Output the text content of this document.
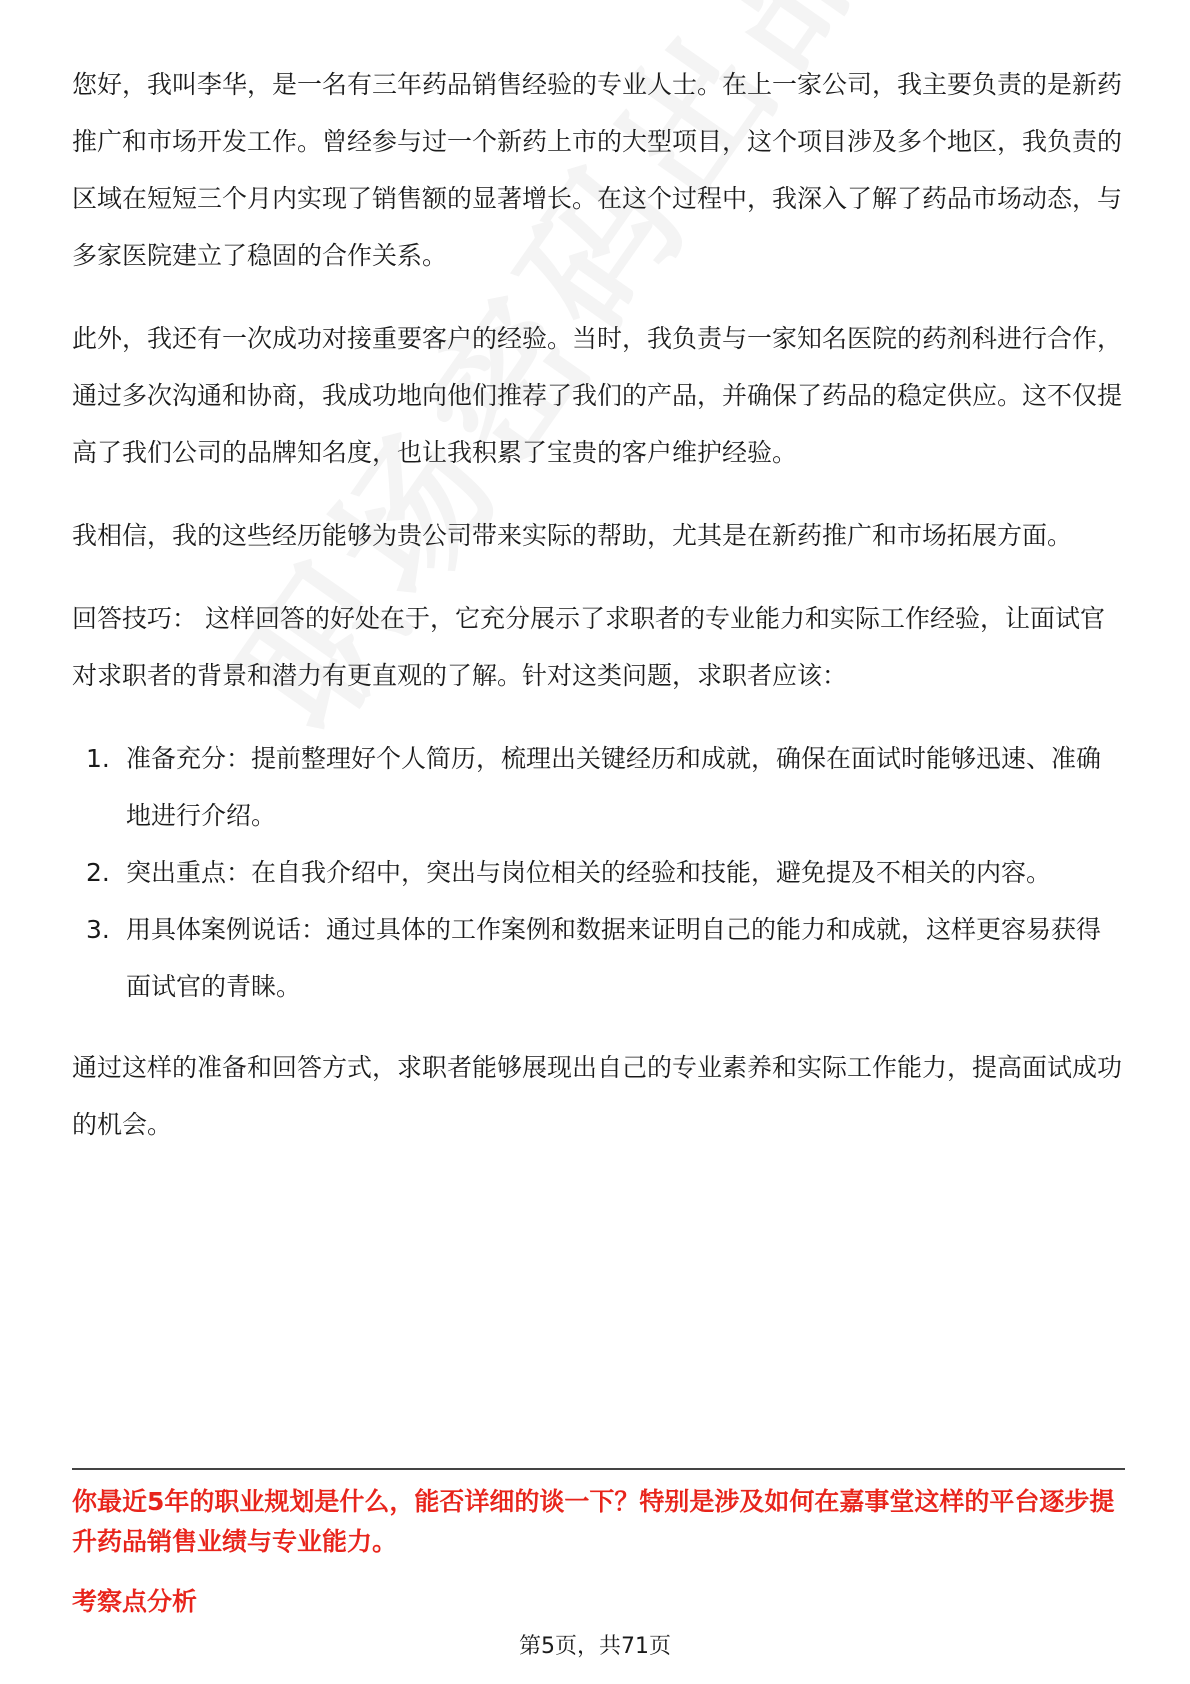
您好，我叫李华，是一名有三年药品销售经验的专业人士。在上一家公司，我主要负责的是新药推广和市场开发工作。曾经参与过一个新药上市的大型项目，这个项目涉及多个地区，我负责的区域在短短三个月内实现了销售额的显著增长。在这个过程中，我深入了解了药品市场动态，与多家医院建立了稳固的合作关系。

此外，我还有一次成功对接重要客户的经验。当时，我负责与一家知名医院的药剂科进行合作，通过多次沟通和协商，我成功地向他们推荐了我们的产品，并确保了药品的稳定供应。这不仅提高了我们公司的品牌知名度，也让我积累了宝贵的客户维护经验。

我相信，我的这些经历能够为贵公司带来实际的帮助，尤其是在新药推广和市场拓展方面。

回答技巧： 这样回答的好处在于，它充分展示了求职者的专业能力和实际工作经验，让面试官对求职者的背景和潜力有更直观的了解。针对这类问题，求职者应该：

1. 准备充分：提前整理好个人简历，梳理出关键经历和成就，确保在面试时能够迅速、准确地进行介绍。
2. 突出重点：在自我介绍中，突出与岗位相关的经验和技能，避免提及不相关的内容。
3. 用具体案例说话：通过具体的工作案例和数据来证明自己的能力和成就，这样更容易获得面试官的青睐。

通过这样的准备和回答方式，求职者能够展现出自己的专业素养和实际工作能力，提高面试成功的机会。

你最近5年的职业规划是什么，能否详细的谈一下？特别是涉及如何在嘉事堂这样的平台逐步提升药品销售业绩与专业能力。
考察点分析
第5页，共71页
